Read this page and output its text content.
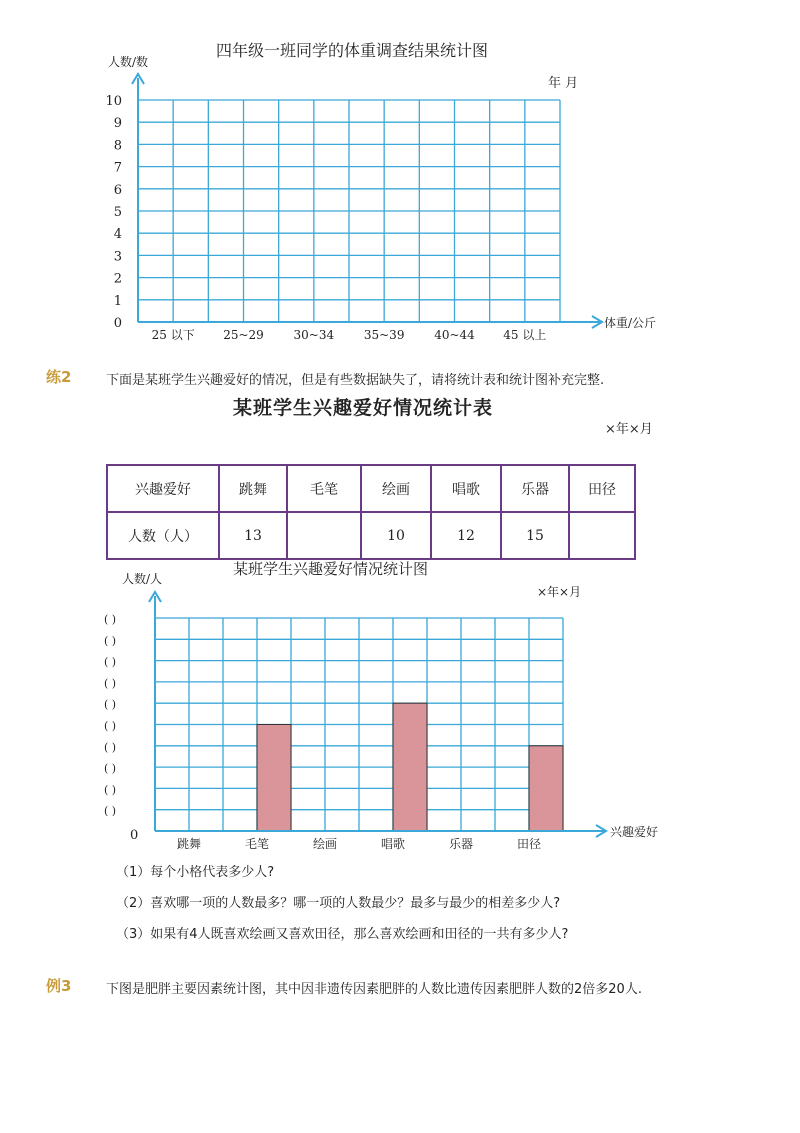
四年级一班同学的体重调查结果统计图
年 月
人数/数
体重/公斤
10
9
8
7
6
5
4
3
2
1
0
25 以下 25~29 30~34 35~39 40~44 45 以上
练2	下面是某班学生兴趣爱好的情况，但是有些数据缺失了，请将统计表和统计图补充完整.
某班学生兴趣爱好情况统计表
×年×月
兴趣爱好	跳舞	毛笔	绘画	唱歌	乐器	田径
人数（人）	13		10	12	15	
某班学生兴趣爱好情况统计图
×年×月
人数/人
兴趣爱好
0
( )
( )
( )
( )
( )
( )
( )
( )
( )
( )
跳舞	毛笔	绘画	唱歌	乐器	田径
（1）每个小格代表多少人?
（2）喜欢哪一项的人数最多？哪一项的人数最少？最多与最少的相差多少人?
（3）如果有4人既喜欢绘画又喜欢田径，那么喜欢绘画和田径的一共有多少人?
例3	下图是肥胖主要因素统计图，其中因非遗传因素肥胖的人数比遗传因素肥胖人数的2倍多20人.
